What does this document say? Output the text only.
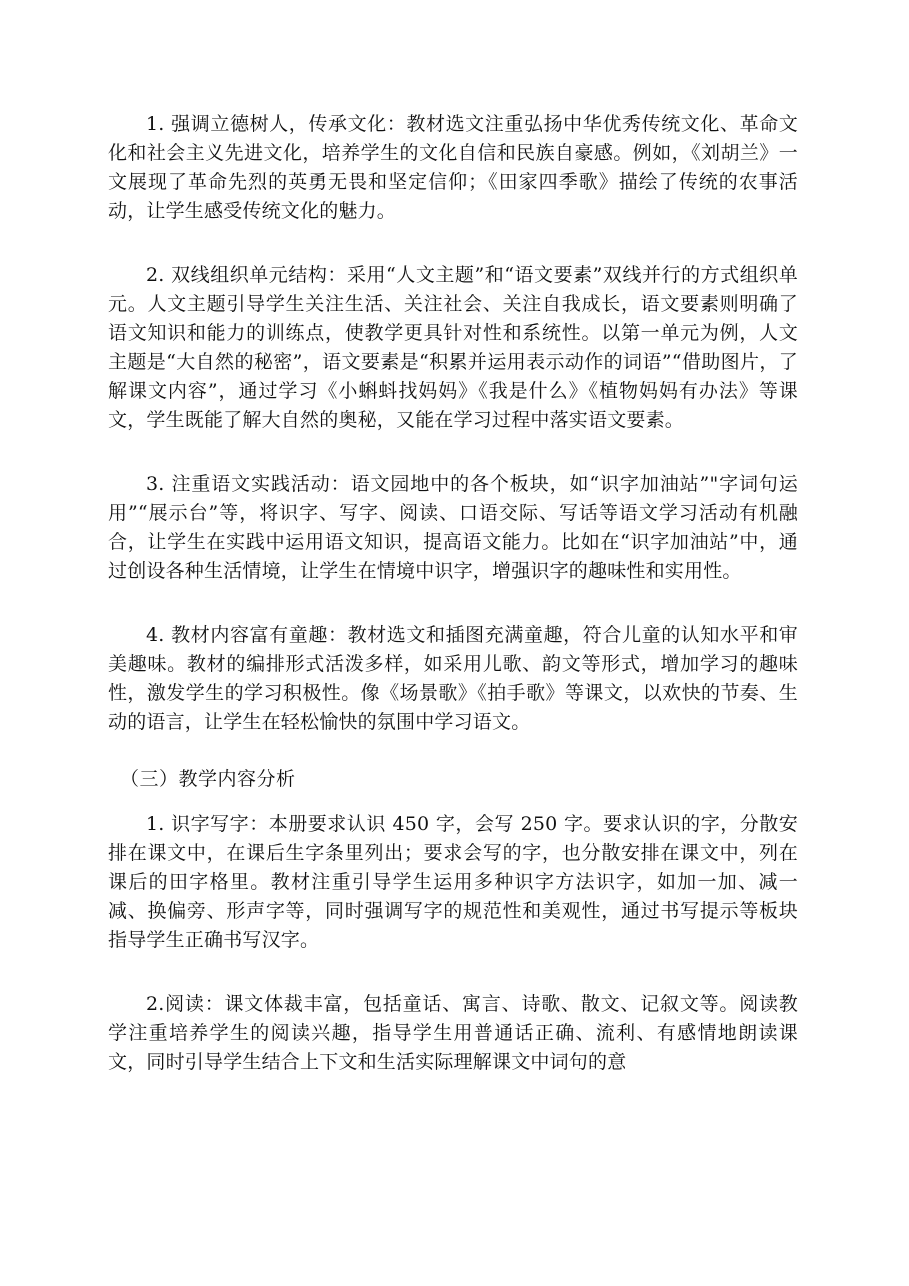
1. 强调立德树人，传承文化：教材选文注重弘扬中华优秀传统文化、革命文化和社会主义先进文化，培养学生的文化自信和民族自豪感。例如，《刘胡兰》一文展现了革命先烈的英勇无畏和坚定信仰；《田家四季歌》描绘了传统的农事活动，让学生感受传统文化的魅力。

2. 双线组织单元结构：采用“人文主题”和“语文要素”双线并行的方式组织单元。人文主题引导学生关注生活、关注社会、关注自我成长，语文要素则明确了语文知识和能力的训练点，使教学更具针对性和系统性。以第一单元为例，人文主题是“大自然的秘密”，语文要素是“积累并运用表示动作的词语”“借助图片，了解课文内容”，通过学习《小蝌蚪找妈妈》《我是什么》《植物妈妈有办法》等课文，学生既能了解大自然的奥秘，又能在学习过程中落实语文要素。

3. 注重语文实践活动：语文园地中的各个板块，如“识字加油站”"字词句运用”“展示台”等，将识字、写字、阅读、口语交际、写话等语文学习活动有机融合，让学生在实践中运用语文知识，提高语文能力。比如在“识字加油站”中，通过创设各种生活情境，让学生在情境中识字，增强识字的趣味性和实用性。

4. 教材内容富有童趣：教材选文和插图充满童趣，符合儿童的认知水平和审美趣味。教材的编排形式活泼多样，如采用儿歌、韵文等形式，增加学习的趣味性，激发学生的学习积极性。像《场景歌》《拍手歌》等课文，以欢快的节奏、生动的语言，让学生在轻松愉快的氛围中学习语文。

（三）教学内容分析

1. 识字写字：本册要求认识 450 字，会写 250 字。要求认识的字，分散安排在课文中，在课后生字条里列出；要求会写的字，也分散安排在课文中，列在课后的田字格里。教材注重引导学生运用多种识字方法识字，如加一加、减一减、换偏旁、形声字等，同时强调写字的规范性和美观性，通过书写提示等板块指导学生正确书写汉字。

2.阅读：课文体裁丰富，包括童话、寓言、诗歌、散文、记叙文等。阅读教学注重培养学生的阅读兴趣，指导学生用普通话正确、流利、有感情地朗读课文，同时引导学生结合上下文和生活实际理解课文中词句的意
